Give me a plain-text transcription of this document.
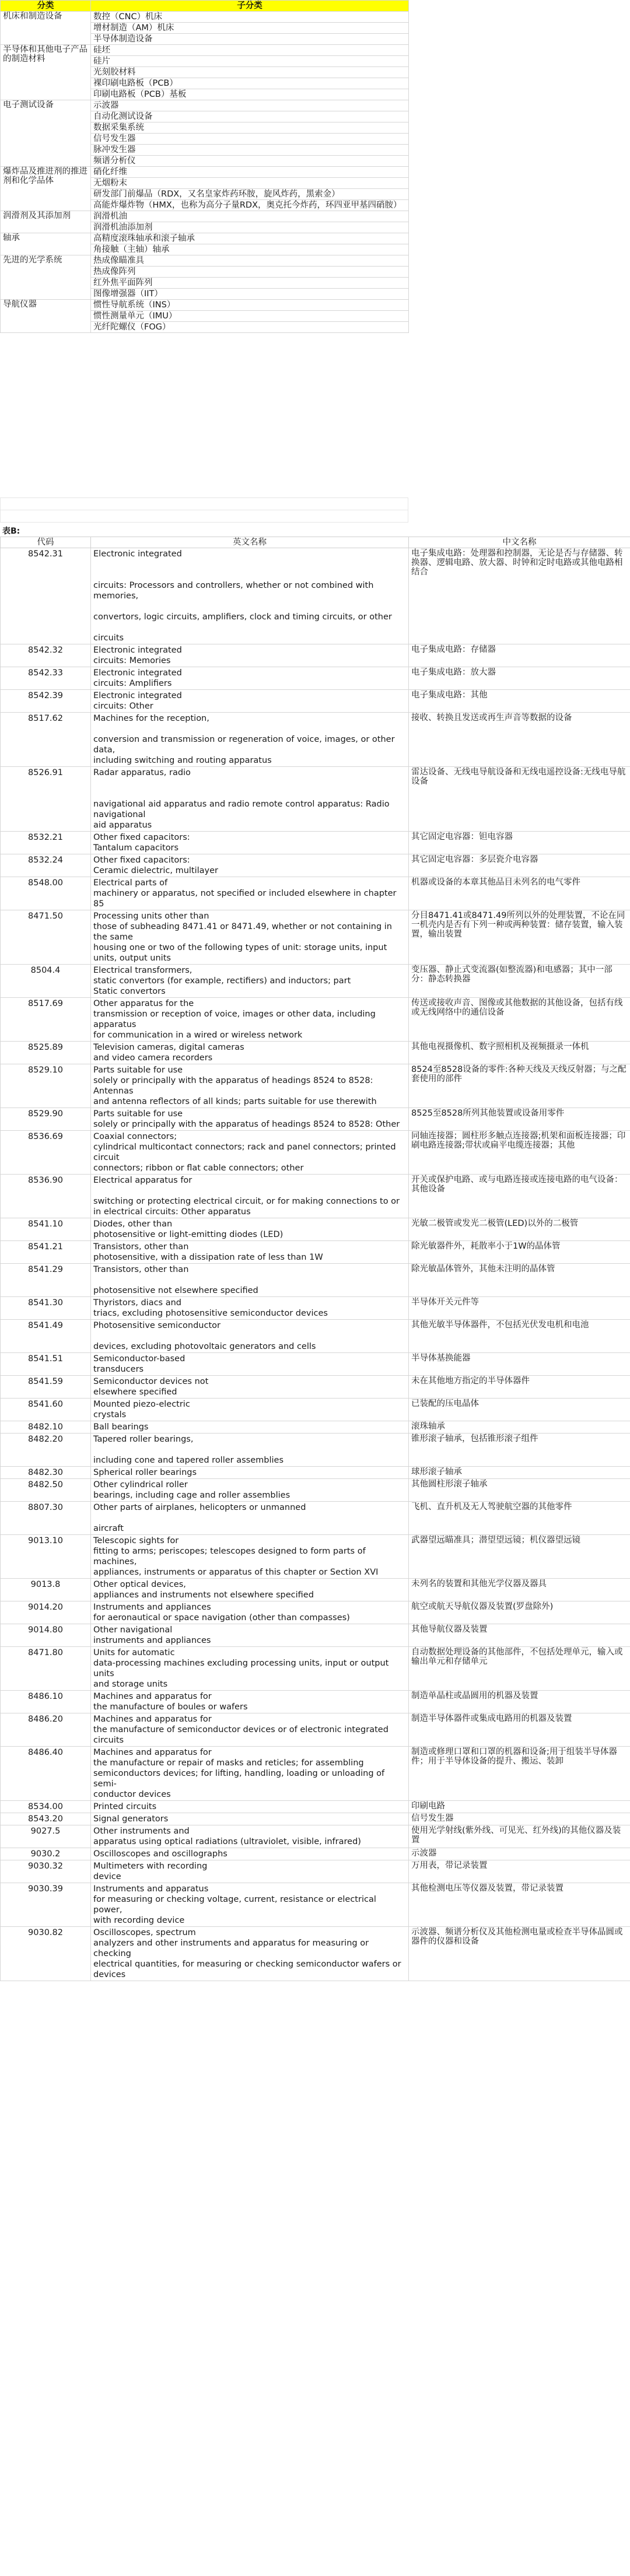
分类	子分类
机床和制造设备	数控（CNC）机床
	增材制造（AM）机床
	半导体制造设备
半导体和其他电子产品的制造材料	硅坯
	硅片
	光刻胶材料
	裸印刷电路板（PCB）
	印刷电路板（PCB）基板
电子测试设备	示波器
	自动化测试设备
	数据采集系统
	信号发生器
	脉冲发生器
	频谱分析仪
爆炸品及推进剂的推进剂和化学品体	硝化纤维
	无烟粉末
	研发部门前爆品（RDX，又名皇家炸药环胺，旋风炸药，黑索金）
	高能炸爆炸物（HMX，也称为高分子量RDX，奥克托今炸药，环四亚甲基四硝胺）
润滑剂及其添加剂	润滑机油
	润滑机油添加剂
轴承	高精度滚珠轴承和滚子轴承
	角接触（主轴）轴承
先进的光学系统	热成像瞄准具
	热成像阵列
	红外焦平面阵列
	图像增强器（IIT）
导航仪器	惯性导航系统（INS）
	惯性测量单元（IMU）
	光纤陀螺仪（FOG）

表B:
代码	英文名称	中文名称
8542.31	Electronic integrated

circuits: Processors and controllers, whether or not combined with memories,

convertors, logic circuits, amplifiers, clock and timing circuits, or other

circuits	电子集成电路：处理器和控制器，无论是否与存储器、转换器、逻辑电路、放大器、时钟和定时电路或其他电路相结合
8542.32	Electronic integrated
circuits: Memories	电子集成电路：存储器
8542.33	Electronic integrated
circuits: Amplifiers	电子集成电路：放大器
8542.39	Electronic integrated
circuits: Other	电子集成电路：其他
8517.62	Machines for the reception,

conversion and transmission or regeneration of voice, images, or other data,
including switching and routing apparatus	接收、转换且发送或再生声音等数据的设备
8526.91	Radar apparatus, radio

navigational aid apparatus and radio remote control apparatus: Radio navigational
aid apparatus	雷达设备、无线电导航设备和无线电遥控设备:无线电导航设备
8532.21	Other fixed capacitors:
Tantalum capacitors	其它固定电容器：钽电容器
8532.24	Other fixed capacitors:
Ceramic dielectric, multilayer	其它固定电容器：多层瓷介电容器
8548.00	Electrical parts of
machinery or apparatus, not specified or included elsewhere in chapter 85	机器或设备的本章其他品目未列名的电气零件
8471.50	Processing units other than
those of subheading 8471.41 or 8471.49, whether or not containing in the same
housing one or two of the following types of unit: storage units, input
units, output units	分目8471.41或8471.49所列以外的处理装置，不论在同一机壳内是否有下列一种或两种装置：储存装置，输入装置，输出装置
8504.4	Electrical transformers,
static convertors (for example, rectifiers) and inductors; part
Static convertors	变压器、静止式变流器(如整流器)和电感器；其中一部分：静态转换器
8517.69	Other apparatus for the
transmission or reception of voice, images or other data, including apparatus
for communication in a wired or wireless network	传送或接收声音、图像或其他数据的其他设备，包括有线或无线网络中的通信设备
8525.89	Television cameras, digital cameras
and video camera recorders	其他电视摄像机、数字照相机及视频摄录一体机
8529.10	Parts suitable for use
solely or principally with the apparatus of headings 8524 to 8528: Antennas
and antenna reflectors of all kinds; parts suitable for use therewith	8524至8528设备的零件:各种天线及天线反射器；与之配套使用的部件
8529.90	Parts suitable for use
solely or principally with the apparatus of headings 8524 to 8528: Other	8525至8528所列其他装置或设备用零件
8536.69	Coaxial connectors;
cylindrical multicontact connectors; rack and panel connectors; printed circuit
connectors; ribbon or flat cable connectors; other	同轴连接器；圆柱形多触点连接器;机架和面板连接器；印刷电路连接器;带状或扁平电缆连接器；其他
8536.90	Electrical apparatus for

switching or protecting electrical circuit, or for making connections to or
in electrical circuits: Other apparatus	开关或保护电路、或与电路连接或连接电路的电气设备：其他设备
8541.10	Diodes, other than
photosensitive or light-emitting diodes (LED)	光敏二极管或发光二极管(LED)以外的二极管
8541.21	Transistors, other than
photosensitive, with a dissipation rate of less than 1W	除光敏器件外，耗散率小于1W的晶体管
8541.29	Transistors, other than

photosensitive not elsewhere specified	除光敏晶体管外，其他未注明的晶体管
8541.30	Thyristors, diacs and
triacs, excluding photosensitive semiconductor devices	半导体开关元件等
8541.49	Photosensitive semiconductor

devices, excluding photovoltaic generators and cells	其他光敏半导体器件，不包括光伏发电机和电池
8541.51	Semiconductor-based
transducers	半导体基换能器
8541.59	Semiconductor devices not
elsewhere specified	未在其他地方指定的半导体器件
8541.60	Mounted piezo-electric
crystals	已装配的压电晶体
8482.10	Ball bearings	滚珠轴承
8482.20	Tapered roller bearings,

including cone and tapered roller assemblies	锥形滚子轴承，包括锥形滚子组件
8482.30	Spherical roller bearings	球形滚子轴承
8482.50	Other cylindrical roller
bearings, including cage and roller assemblies	其他圆柱形滚子轴承
8807.30	Other parts of airplanes, helicopters or unmanned

aircraft	飞机、直升机及无人驾驶航空器的其他零件
9013.10	Telescopic sights for
fitting to arms; periscopes; telescopes designed to form parts of machines,
appliances, instruments or apparatus of this chapter or Section XVI	武器望远瞄准具；潜望望远镜；机仪器望远镜
9013.8	Other optical devices,
appliances and instruments not elsewhere specified	未列名的装置和其他光学仪器及器具
9014.20	Instruments and appliances
for aeronautical or space navigation (other than compasses)	航空或航天导航仪器及装置(罗盘除外)
9014.80	Other navigational
instruments and appliances	其他导航仪器及装置
8471.80	Units for automatic
data-processing machines excluding processing units, input or output units
and storage units	自动数据处理设备的其他部件，不包括处理单元，输入或输出单元和存储单元
8486.10	Machines and apparatus for
the manufacture of boules or wafers	制造单晶柱或晶圆用的机器及装置
8486.20	Machines and apparatus for
the manufacture of semiconductor devices or of electronic integrated circuits	制造半导体器件或集成电路用的机器及装置
8486.40	Machines and apparatus for
the manufacture or repair of masks and reticles; for assembling
semiconductors devices; for lifting, handling, loading or unloading of semi-
conductor devices	制造或修理口罩和口罩的机器和设备;用于组装半导体器件；用于半导体设备的提升、搬运、装卸
8534.00	Printed circuits	印刷电路
8543.20	Signal generators	信号发生器
9027.5	Other instruments and
apparatus using optical radiations (ultraviolet, visible, infrared)	使用光学射线(紫外线、可见光、红外线)的其他仪器及装置
9030.2	Oscilloscopes and oscillographs	示波器
9030.32	Multimeters with recording
device	万用表，带记录装置
9030.39	Instruments and apparatus
for measuring or checking voltage, current, resistance or electrical power,
with recording device	其他检测电压等仪器及装置，带记录装置
9030.82	Oscilloscopes, spectrum
analyzers and other instruments and apparatus for measuring or checking
electrical quantities, for measuring or checking semiconductor wafers or
devices	示波器、频谱分析仪及其他检测电量或检查半导体晶圆或器件的仪器和设备
